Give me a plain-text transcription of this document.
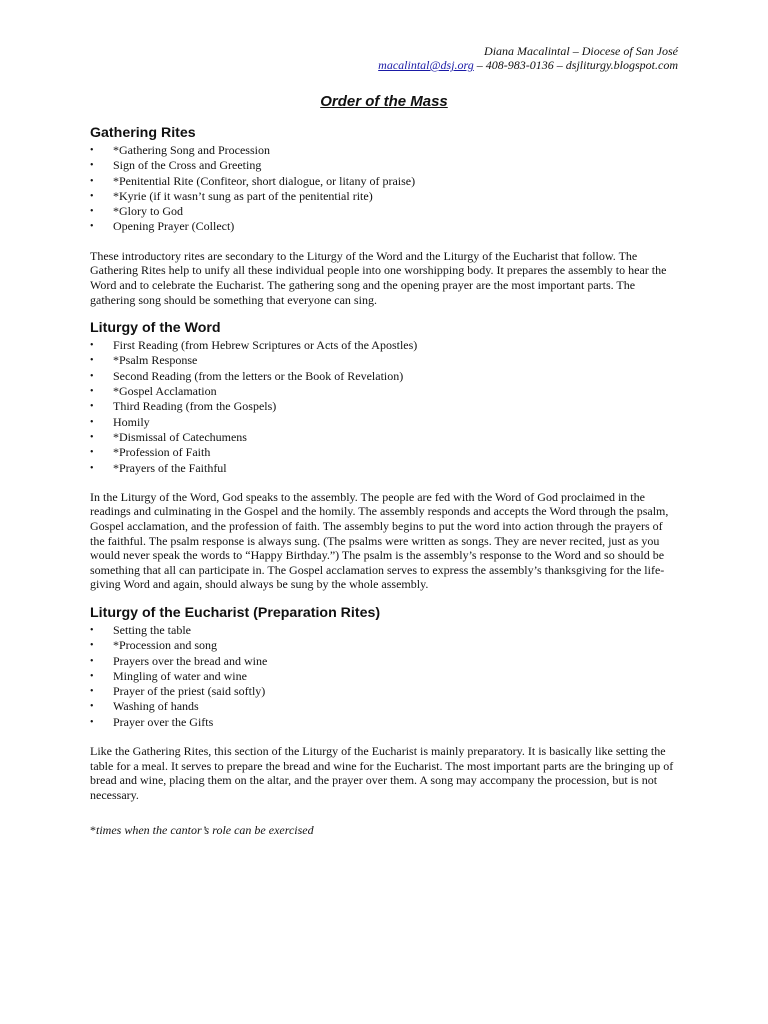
Diana Macalintal – Diocese of San José
macalintal@dsj.org – 408-983-0136 – dsjliturgy.blogspot.com
Order of the Mass
Gathering Rites
• *Gathering Song and Procession
• Sign of the Cross and Greeting
• *Penitential Rite (Confiteor, short dialogue, or litany of praise)
• *Kyrie (if it wasn’t sung as part of the penitential rite)
• *Glory to God
• Opening Prayer (Collect)

These introductory rites are secondary to the Liturgy of the Word and the Liturgy of the Eucharist that follow. The Gathering Rites help to unify all these individual people into one worshipping body. It prepares the assembly to hear the Word and to celebrate the Eucharist. The gathering song and the opening prayer are the most important parts. The gathering song should be something that everyone can sing.

Liturgy of the Word
• First Reading (from Hebrew Scriptures or Acts of the Apostles)
• *Psalm Response
• Second Reading (from the letters or the Book of Revelation)
• *Gospel Acclamation
• Third Reading (from the Gospels)
• Homily
• *Dismissal of Catechumens
• *Profession of Faith
• *Prayers of the Faithful

In the Liturgy of the Word, God speaks to the assembly. The people are fed with the Word of God proclaimed in the readings and culminating in the Gospel and the homily. The assembly responds and accepts the Word through the psalm, Gospel acclamation, and the profession of faith. The assembly begins to put the word into action through the prayers of the faithful. The psalm response is always sung. (The psalms were written as songs. They are never recited, just as you would never speak the words to “Happy Birthday.”) The psalm is the assembly’s response to the Word and so should be something that all can participate in. The Gospel acclamation serves to express the assembly’s thanksgiving for the life-giving Word and again, should always be sung by the whole assembly.

Liturgy of the Eucharist (Preparation Rites)
• Setting the table
• *Procession and song
• Prayers over the bread and wine
• Mingling of water and wine
• Prayer of the priest (said softly)
• Washing of hands
• Prayer over the Gifts

Like the Gathering Rites, this section of the Liturgy of the Eucharist is mainly preparatory. It is basically like setting the table for a meal. It serves to prepare the bread and wine for the Eucharist. The most important parts are the bringing up of bread and wine, placing them on the altar, and the prayer over them. A song may accompany the procession, but is not necessary.

*times when the cantor’s role can be exercised
